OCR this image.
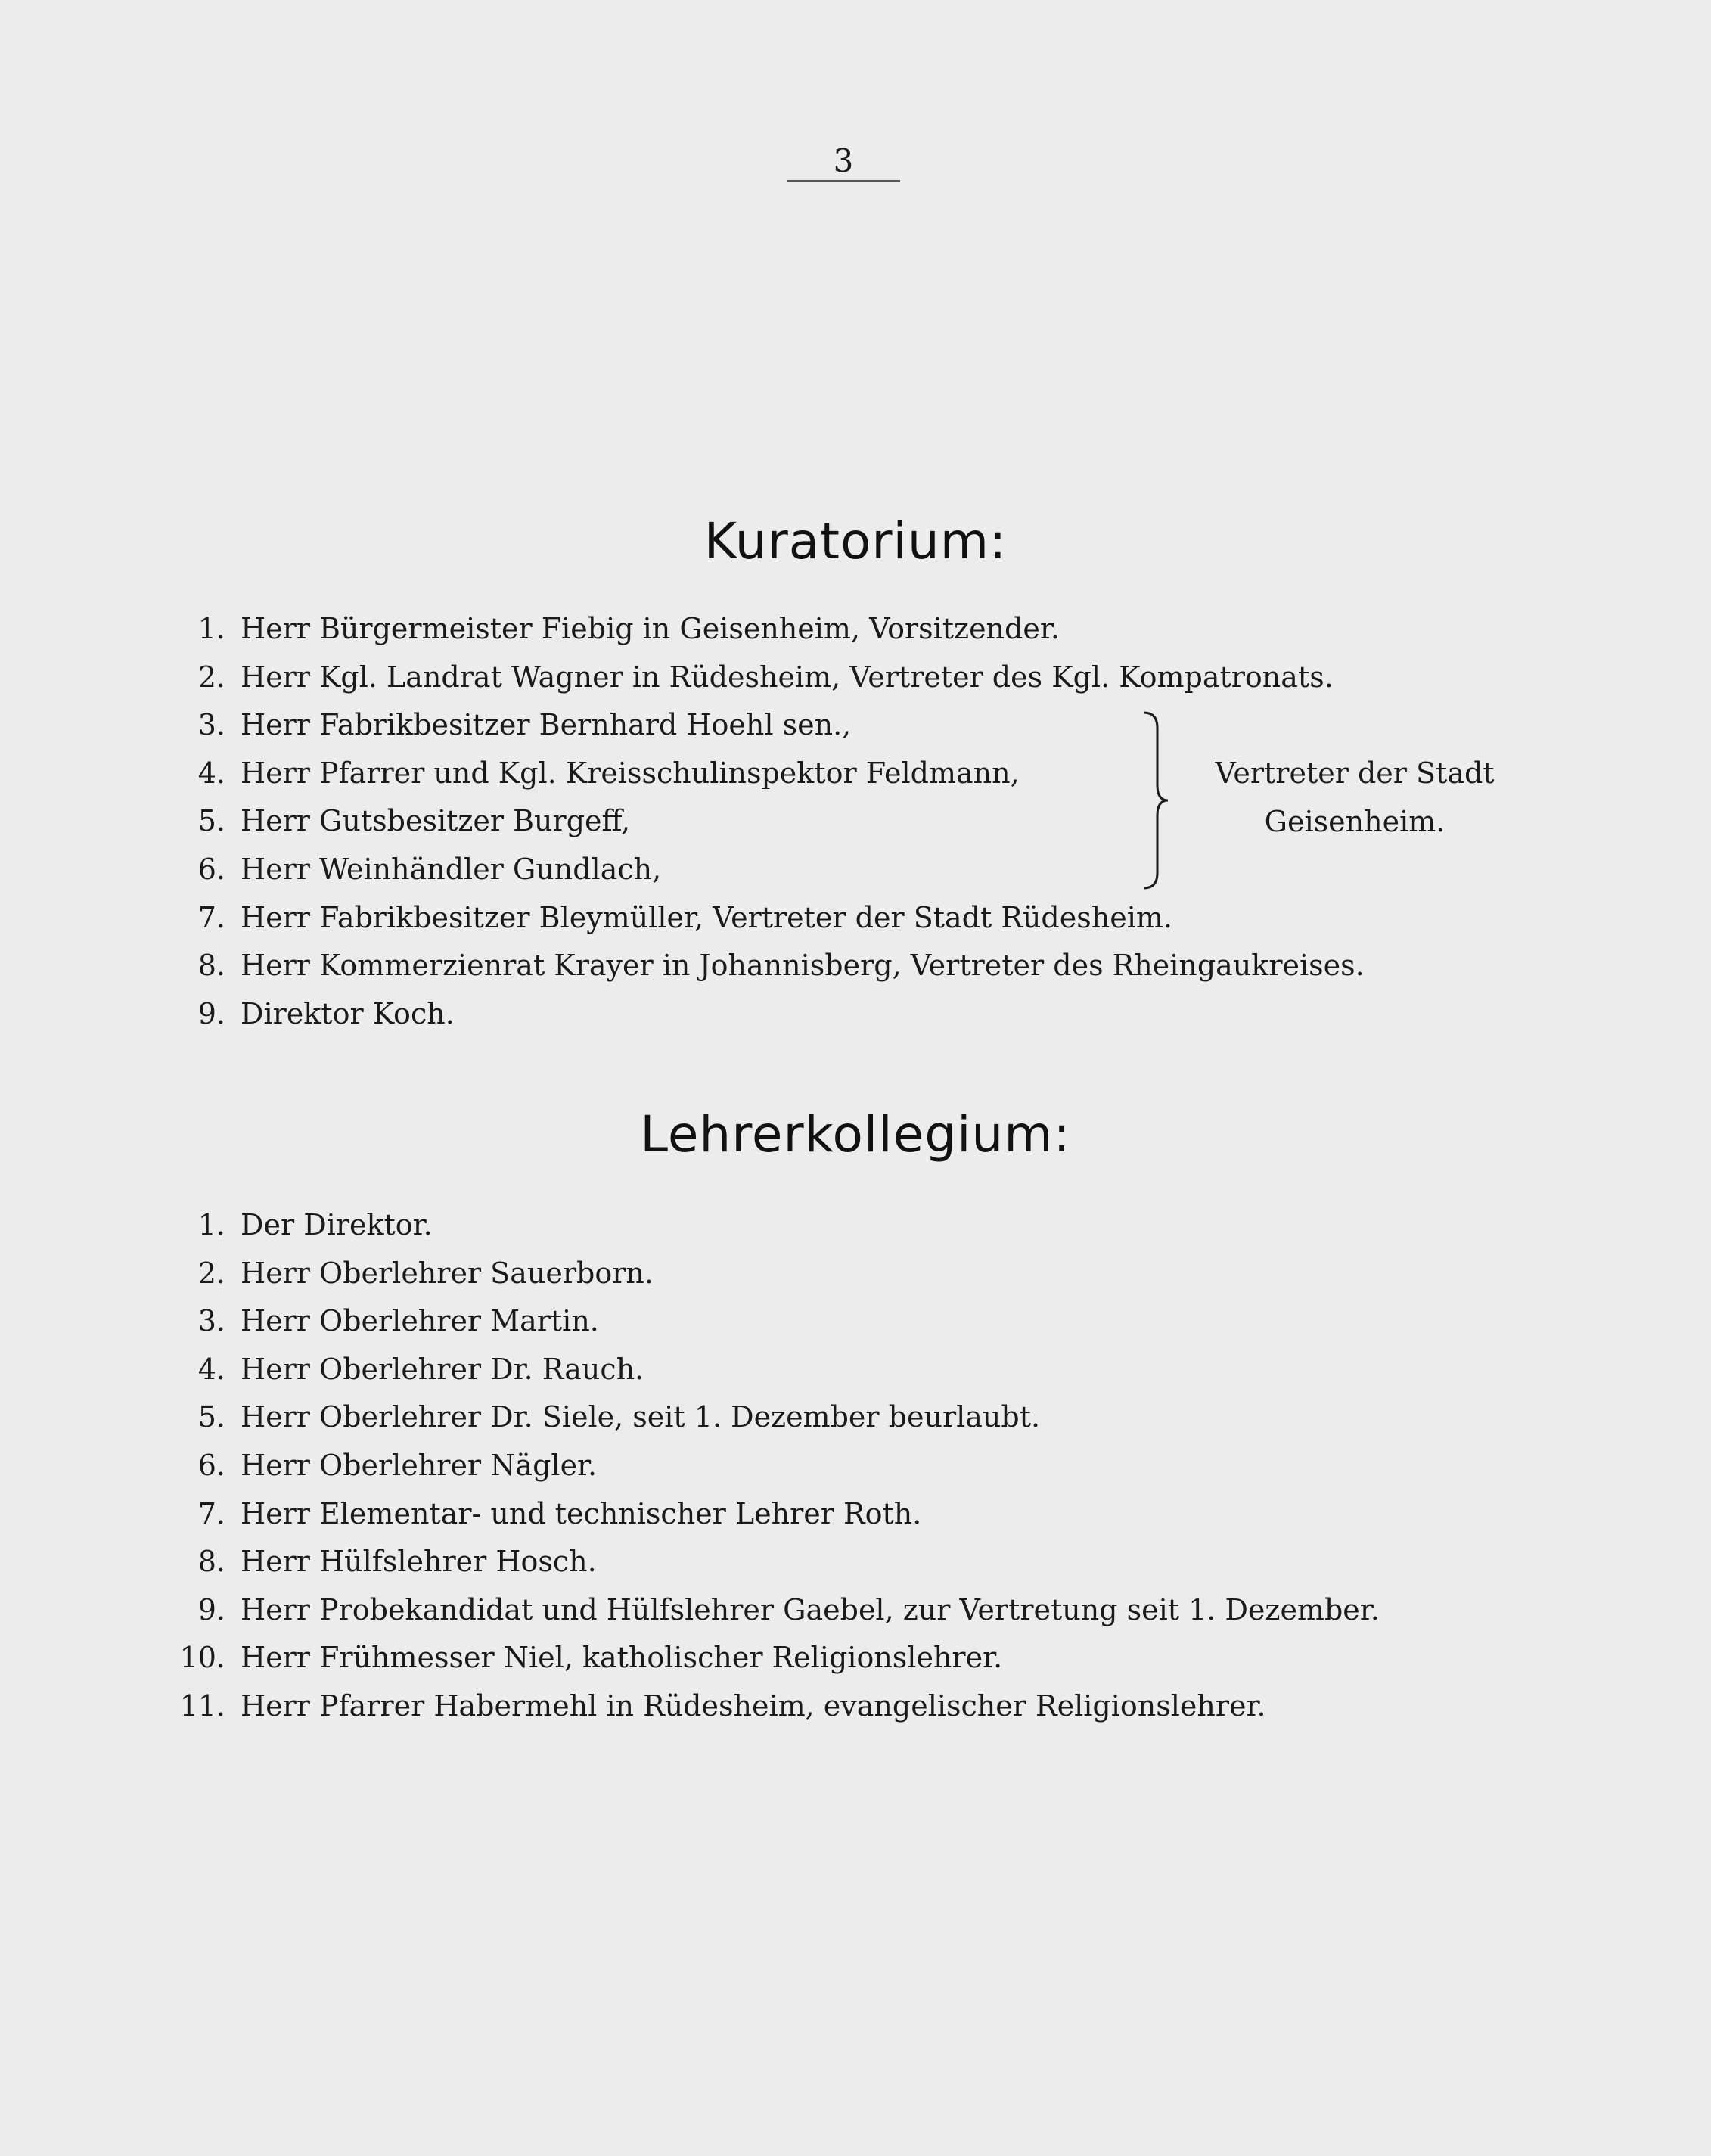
3
Kuratorium:
1. Herr Bürgermeister Fiebig in Geisenheim, Vorsitzender.
2. Herr Kgl. Landrat Wagner in Rüdesheim, Vertreter des Kgl. Kompatronats.
3. Herr Fabrikbesitzer Bernhard Hoehl sen.,
4. Herr Pfarrer und Kgl. Kreisschulinspektor Feldmann,
5. Herr Gutsbesitzer Burgeff,
6. Herr Weinhändler Gundlach,
7. Herr Fabrikbesitzer Bleymüller, Vertreter der Stadt Rüdesheim.
8. Herr Kommerzienrat Krayer in Johannisberg, Vertreter des Rheingaukreises.
9. Direktor Koch.
Vertreter der Stadt
Geisenheim.
Lehrerkollegium:
1. Der Direktor.
2. Herr Oberlehrer Sauerborn.
3. Herr Oberlehrer Martin.
4. Herr Oberlehrer Dr. Rauch.
5. Herr Oberlehrer Dr. Siele, seit 1. Dezember beurlaubt.
6. Herr Oberlehrer Nägler.
7. Herr Elementar- und technischer Lehrer Roth.
8. Herr Hülfslehrer Hosch.
9. Herr Probekandidat und Hülfslehrer Gaebel, zur Vertretung seit 1. Dezember.
10. Herr Frühmesser Niel, katholischer Religionslehrer.
11. Herr Pfarrer Habermehl in Rüdesheim, evangelischer Religionslehrer.
